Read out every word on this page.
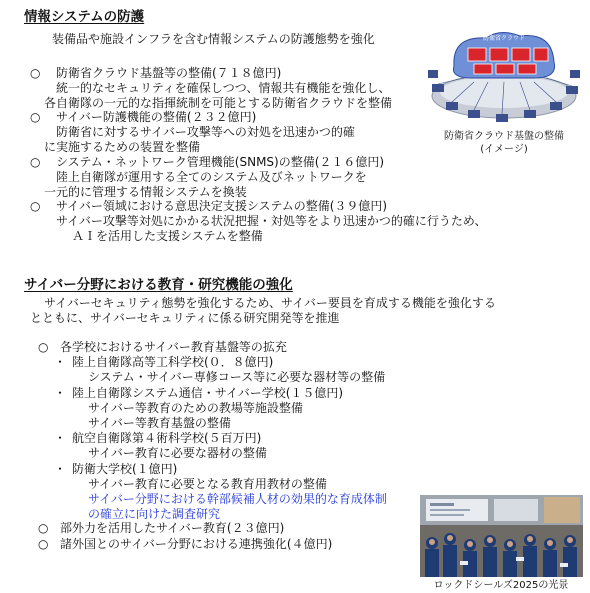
情報システムの防護
装備品や施設インフラを含む情報システムの防護態勢を強化
○ 防衛省クラウド基盤等の整備(７１８億円)
統一的なセキュリティを確保しつつ、情報共有機能を強化し、
各自衛隊の一元的な指揮統制を可能とする防衛省クラウドを整備
○ サイバー防護機能の整備(２３２億円)
防衛省に対するサイバー攻撃等への対処を迅速かつ的確
に実施するための装置を整備
○ システム・ネットワーク管理機能(SNMS)の整備(２１６億円)
陸上自衛隊が運用する全てのシステム及びネットワークを
一元的に管理する情報システムを換装
○ サイバー領域における意思決定支援システムの整備(３９億円)
サイバー攻撃等対処にかかる状況把握・対処等をより迅速かつ的確に行うため、
ＡＩを活用した支援システムを整備
防衛省クラウド
防衛省クラウド基盤の整備
(イメージ)
サイバー分野における教育・研究機能の強化
サイバーセキュリティ態勢を強化するため、サイバー要員を育成する機能を強化する
とともに、サイバーセキュリティに係る研究開発等を推進
○ 各学校におけるサイバー教育基盤等の拡充
・ 陸上自衛隊高等工科学校(０．８億円)
システム・サイバー専修コース等に必要な器材等の整備
・ 陸上自衛隊システム通信・サイバー学校(１５億円)
サイバー等教育のための教場等施設整備
サイバー等教育基盤の整備
・ 航空自衛隊第４術科学校(５百万円)
サイバー教育に必要な器材の整備
・ 防衛大学校(１億円)
サイバー教育に必要となる教育用教材の整備
サイバー分野における幹部候補人材の効果的な育成体制
の確立に向けた調査研究
○ 部外力を活用したサイバー教育(２３億円)
○ 諸外国とのサイバー分野における連携強化(４億円)
ロックドシールズ2025の光景
